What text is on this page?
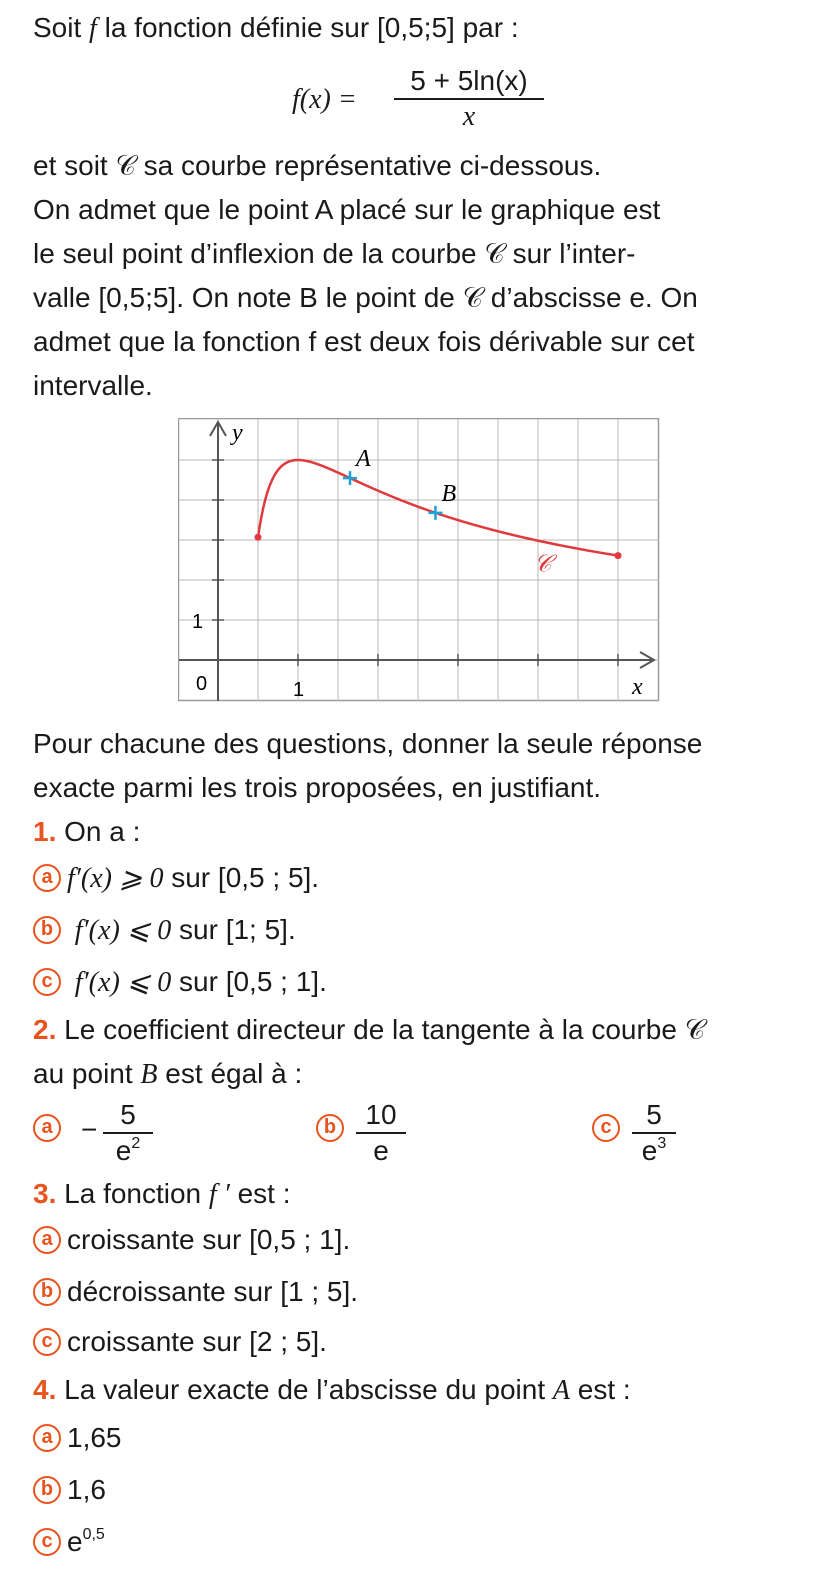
Soit f la fonction définie sur [0,5;5] par :
$f(x) = \frac{5 + 5\ln(x)}{x}$
et soit 𝒞 sa courbe représentative ci-dessous.
On admet que le point A placé sur le graphique est
le seul point d’inflexion de la courbe 𝒞 sur l’inter-
valle [0,5;5]. On note B le point de 𝒞 d’abscisse e. On
admet que la fonction f est deux fois dérivable sur cet
intervalle.
x
y
0	1
1
𝒞
A
B
Pour chacune des questions, donner la seule réponse
exacte parmi les trois proposées, en justifiant.
1. On a :
a f′(x) ⩾ 0 sur [0,5 ; 5].
b f′(x) ⩽ 0 sur [1; 5].
c f′(x) ⩽ 0 sur [0,5 ; 1].
2. Le coefficient directeur de la tangente à la courbe 𝒞
au point B est égal à :
a	− $\frac{5}{e^2}$	b $\frac{10}{e}$	c $\frac{5}{e^3}$
3. La fonction f ′ est :
a croissante sur [0,5 ; 1].
b décroissante sur [1 ; 5].
c croissante sur [2 ; 5].
4. La valeur exacte de l’abscisse du point A est :
a 1,65
b 1,6
c $e^{0,5}$
